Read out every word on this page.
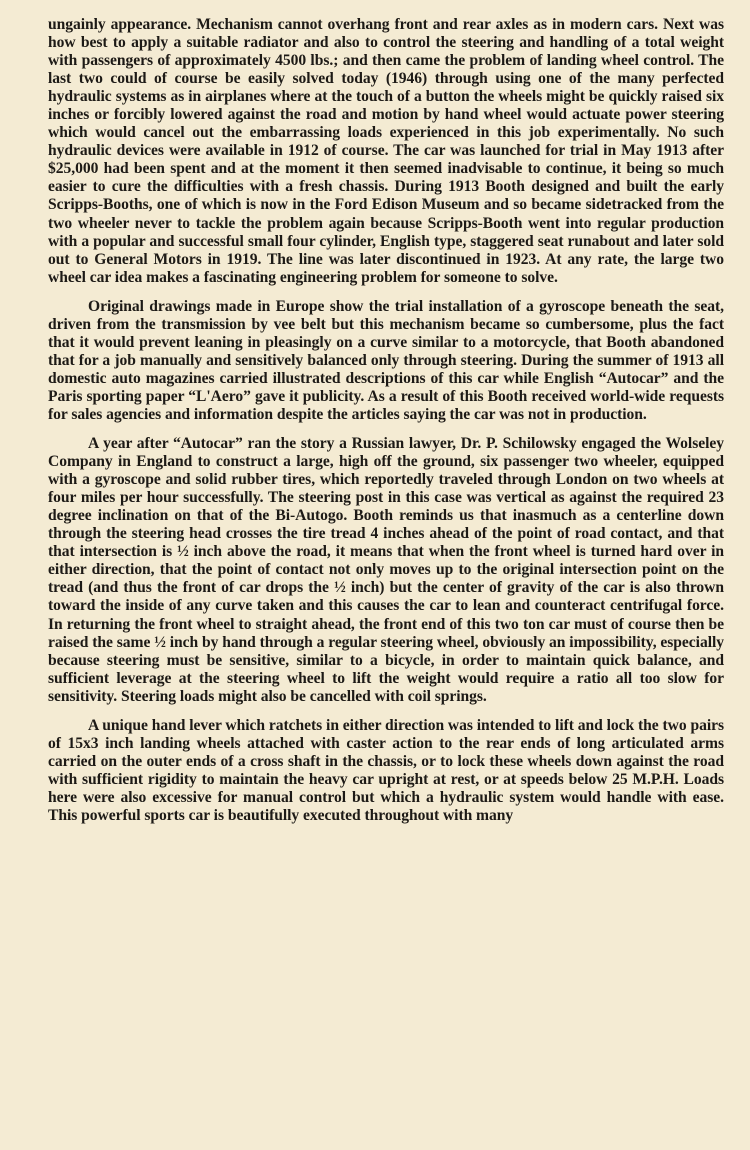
ungainly appearance. Mechanism cannot overhang front and rear axles as in modern cars. Next was how best to apply a suitable radiator and also to control the steering and handling of a total weight with passengers of approximately 4500 lbs.; and then came the problem of landing wheel control. The last two could of course be easily solved today (1946) through using one of the many perfected hydraulic systems as in airplanes where at the touch of a button the wheels might be quickly raised six inches or forcibly lowered against the road and motion by hand wheel would actuate power steering which would cancel out the embarrassing loads experienced in this job experimentally. No such hydraulic devices were available in 1912 of course. The car was launched for trial in May 1913 after $25,000 had been spent and at the moment it then seemed inadvisable to continue, it being so much easier to cure the difficulties with a fresh chassis. During 1913 Booth designed and built the early Scripps-Booths, one of which is now in the Ford Edison Museum and so became sidetracked from the two wheeler never to tackle the problem again because Scripps-Booth went into regular production with a popular and successful small four cylinder, English type, staggered seat runabout and later sold out to General Motors in 1919. The line was later discontinued in 1923. At any rate, the large two wheel car idea makes a fascinating engineering problem for someone to solve.

Original drawings made in Europe show the trial installation of a gyroscope beneath the seat, driven from the transmission by vee belt but this mechanism became so cumbersome, plus the fact that it would prevent leaning in pleasingly on a curve similar to a motorcycle, that Booth abandoned that for a job manually and sensitively balanced only through steering. During the summer of 1913 all domestic auto magazines carried illustrated descriptions of this car while English “Autocar” and the Paris sporting paper “L'Aero” gave it publicity. As a result of this Booth received world-wide requests for sales agencies and information despite the articles saying the car was not in production.

A year after “Autocar” ran the story a Russian lawyer, Dr. P. Schilowsky engaged the Wolseley Company in England to construct a large, high off the ground, six passenger two wheeler, equipped with a gyroscope and solid rubber tires, which reportedly traveled through London on two wheels at four miles per hour successfully. The steering post in this case was vertical as against the required 23 degree inclination on that of the Bi-Autogo. Booth reminds us that inasmuch as a centerline down through the steering head crosses the tire tread 4 inches ahead of the point of road contact, and that that intersection is ½ inch above the road, it means that when the front wheel is turned hard over in either direction, that the point of contact not only moves up to the original intersection point on the tread (and thus the front of car drops the ½ inch) but the center of gravity of the car is also thrown toward the inside of any curve taken and this causes the car to lean and counteract centrifugal force. In returning the front wheel to straight ahead, the front end of this two ton car must of course then be raised the same ½ inch by hand through a regular steering wheel, obviously an impossibility, especially because steering must be sensitive, similar to a bicycle, in order to maintain quick balance, and sufficient leverage at the steering wheel to lift the weight would require a ratio all too slow for sensitivity. Steering loads might also be cancelled with coil springs.

A unique hand lever which ratchets in either direction was intended to lift and lock the two pairs of 15x3 inch landing wheels attached with caster action to the rear ends of long articulated arms carried on the outer ends of a cross shaft in the chassis, or to lock these wheels down against the road with sufficient rigidity to maintain the heavy car upright at rest, or at speeds below 25 M.P.H. Loads here were also excessive for manual control but which a hydraulic system would handle with ease. This powerful sports car is beautifully executed throughout with many
